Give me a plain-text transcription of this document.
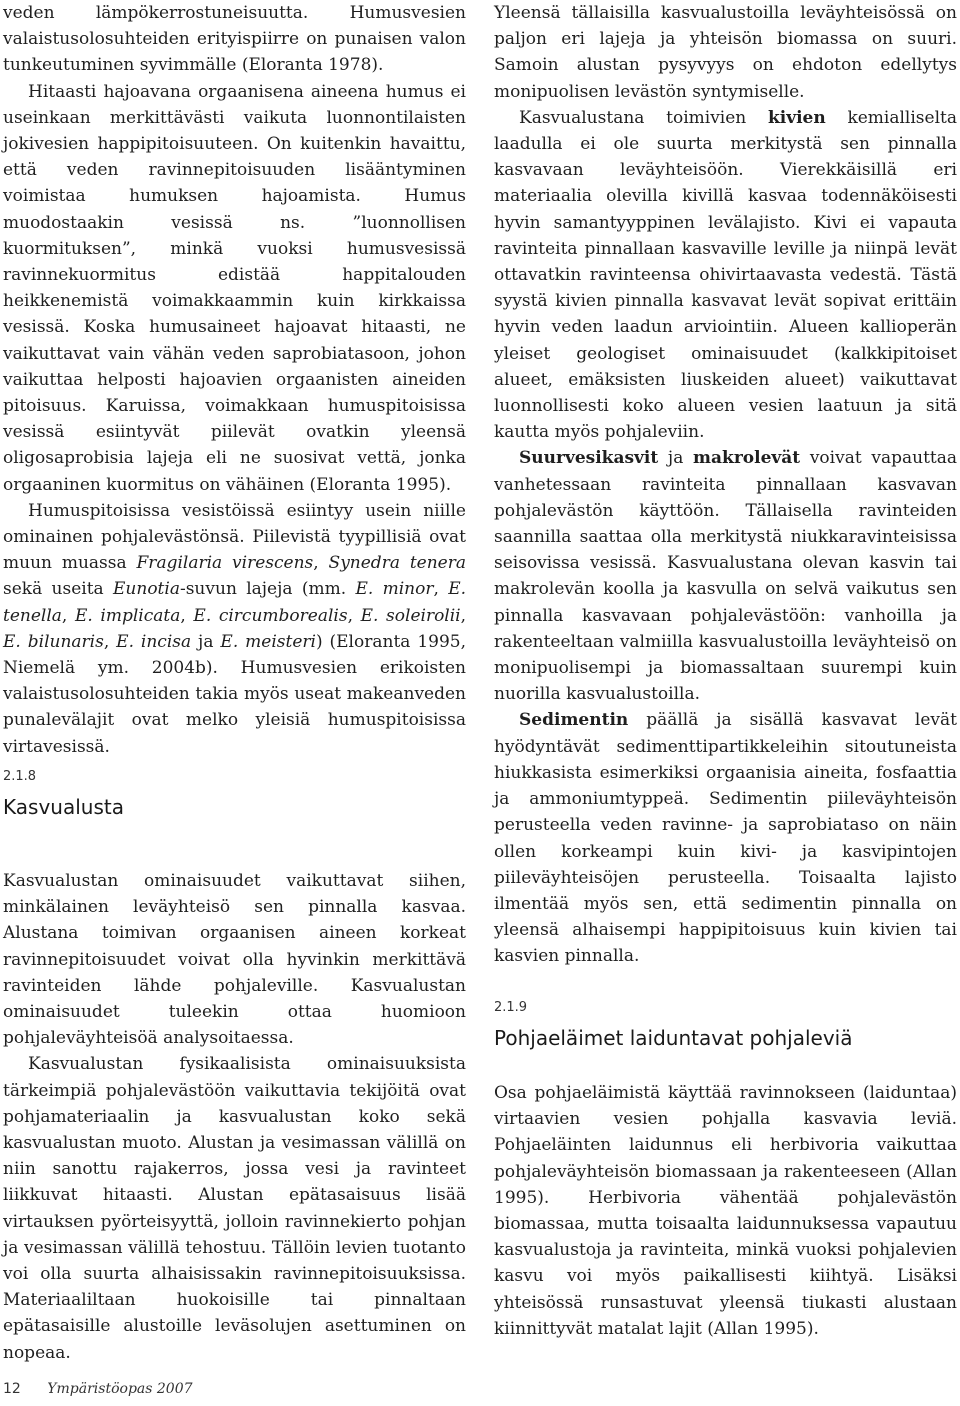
veden lämpökerrostuneisuutta. Humusvesien valaistusolosuhteiden erityispiirre on punaisen valon tunkeutuminen syvimmälle (Eloranta 1978).

Hitaasti hajoavana orgaanisena aineena humus ei useinkaan merkittävästi vaikuta luonnontilaisten jokivesien happipitoisuuteen. On kuitenkin havaittu, että veden ravinnepitoisuuden lisääntyminen voimistaa humuksen hajoamista. Humus muodostaakin vesissä ns. ”luonnollisen kuormituksen”, minkä vuoksi humusvesissä ravinnekuormitus edistää happitalouden heikkenemistä voimakkaammin kuin kirkkaissa vesissä. Koska humusaineet hajoavat hitaasti, ne vaikuttavat vain vähän veden saprobiatasoon, johon vaikuttaa helposti hajoavien orgaanisten aineiden pitoisuus. Karuissa, voimakkaan humuspitoisissa vesissä esiintyvät piilevät ovatkin yleensä oligosaprobisia lajeja eli ne suosivat vettä, jonka orgaaninen kuormitus on vähäinen (Eloranta 1995).

Humuspitoisissa vesistöissä esiintyy usein niille ominainen pohjalevästönsä. Piilevistä tyypillisiä ovat muun muassa Fragilaria virescens, Synedra tenera sekä useita Eunotia-suvun lajeja (mm. E. minor, E. tenella, E. implicata, E. circumborealis, E. soleirolii, E. bilunaris, E. incisa ja E. meisteri) (Eloranta 1995, Niemelä ym. 2004b). Humusvesien erikoisten valaistusolosuhteiden takia myös useat makeanveden punalevälajit ovat melko yleisiä humuspitoisissa virtavesissä.

2.1.8
Kasvualusta

Kasvualustan ominaisuudet vaikuttavat siihen, minkälainen leväyhteisö sen pinnalla kasvaa. Alustana toimivan orgaanisen aineen korkeat ravinnepitoisuudet voivat olla hyvinkin merkittävä ravinteiden lähde pohjaleville. Kasvualustan ominaisuudet tuleekin ottaa huomioon pohjaleväyhteisöä analysoitaessa.

Kasvualustan fysikaalisista ominaisuuksista tärkeimpiä pohjalevästöön vaikuttavia tekijöitä ovat pohjamateriaalin ja kasvualustan koko sekä kasvualustan muoto. Alustan ja vesimassan välillä on niin sanottu rajakerros, jossa vesi ja ravinteet liikkuvat hitaasti. Alustan epätasaisuus lisää virtauksen pyörteisyyttä, jolloin ravinnekierto pohjan ja vesimassan välillä tehostuu. Tällöin levien tuotanto voi olla suurta alhaisissakin ravinnepitoisuuksissa. Materiaaliltaan huokoisille tai pinnaltaan epätasaisille alustoille leväsolujen asettuminen on nopeaa.

Yleensä tällaisilla kasvualustoilla leväyhteisössä on paljon eri lajeja ja yhteisön biomassa on suuri. Samoin alustan pysyvyys on ehdoton edellytys monipuolisen levästön syntymiselle.

Kasvualustana toimivien kivien kemialliselta laadulla ei ole suurta merkitystä sen pinnalla kasvavaan leväyhteisöön. Vierekkäisillä eri materiaalia olevilla kivillä kasvaa todennäköisesti hyvin samantyyppinen levälajisto. Kivi ei vapauta ravinteita pinnallaan kasvaville leville ja niinpä levät ottavatkin ravinteensa ohivirtaavasta vedestä. Tästä syystä kivien pinnalla kasvavat levät sopivat erittäin hyvin veden laadun arviointiin. Alueen kallioperän yleiset geologiset ominaisuudet (kalkkipitoiset alueet, emäksisten liuskeiden alueet) vaikuttavat luonnollisesti koko alueen vesien laatuun ja sitä kautta myös pohjaleviin.

Suurvesikasvit ja makrolevät voivat vapauttaa vanhetessaan ravinteita pinnallaan kasvavan pohjalevästön käyttöön. Tällaisella ravinteiden saannilla saattaa olla merkitystä niukkaravinteisissa seisovissa vesissä. Kasvualustana olevan kasvin tai makrolevän koolla ja kasvulla on selvä vaikutus sen pinnalla kasvavaan pohjalevästöön: vanhoilla ja rakenteeltaan valmiilla kasvualustoilla leväyhteisö on monipuolisempi ja biomassaltaan suurempi kuin nuorilla kasvualustoilla.

Sedimentin päällä ja sisällä kasvavat levät hyödyntävät sedimenttipartikkeleihin sitoutuneista hiukkasista esimerkiksi orgaanisia aineita, fosfaattia ja ammoniumtyppeä. Sedimentin piileväyhteisön perusteella veden ravinne- ja saprobiataso on näin ollen korkeampi kuin kivi- ja kasvipintojen piileväyhteisöjen perusteella. Toisaalta lajisto ilmentää myös sen, että sedimentin pinnalla on yleensä alhaisempi happipitoisuus kuin kivien tai kasvien pinnalla.

2.1.9
Pohjaeläimet laiduntavat pohjaleviä

Osa pohjaeläimistä käyttää ravinnokseen (laiduntaa) virtaavien vesien pohjalla kasvavia leviä. Pohjaeläinten laidunnus eli herbivoria vaikuttaa pohjaleväyhteisön biomassaan ja rakenteeseen (Allan 1995). Herbivoria vähentää pohjalevästön biomassaa, mutta toisaalta laidunnuksessa vapautuu kasvualustoja ja ravinteita, minkä vuoksi pohjalevien kasvu voi myös paikallisesti kiihtyä. Lisäksi yhteisössä runsastuvat yleensä tiukasti alustaan kiinnittyvät matalat lajit (Allan 1995).

12 Ympäristöopas 2007
